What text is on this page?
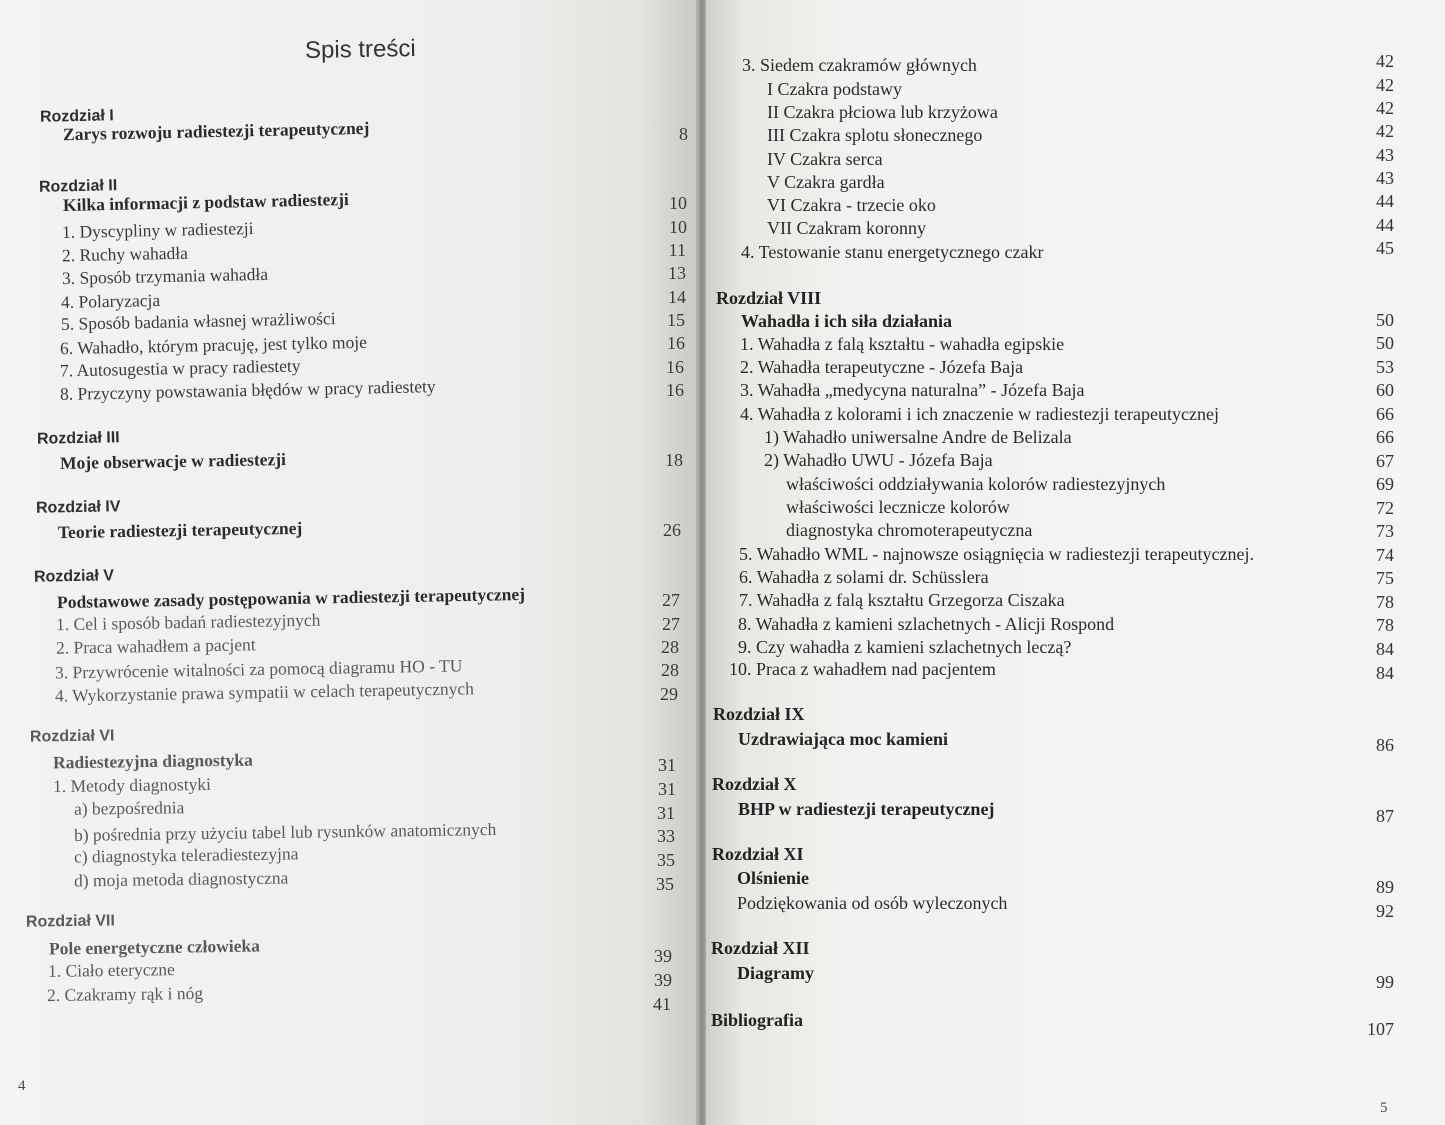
Spis treści
Rozdział I
Zarys rozwoju radiestezji terapeutycznej	8
Rozdział II
Kilka informacji z podstaw radiestezji	10
1. Dyscypliny w radiestezji	10
2. Ruchy wahadła	11
3. Sposób trzymania wahadła	13
4. Polaryzacja	14
5. Sposób badania własnej wrażliwości	15
6. Wahadło, którym pracuję, jest tylko moje	16
7. Autosugestia w pracy radiestety	16
8. Przyczyny powstawania błędów w pracy radiestety	16
Rozdział III
Moje obserwacje w radiestezji	18
Rozdział IV
Teorie radiestezji terapeutycznej	26
Rozdział V
Podstawowe zasady postępowania w radiestezji terapeutycznej	27
1. Cel i sposób badań radiestezyjnych	27
2. Praca wahadłem a pacjent	28
3. Przywrócenie witalności za pomocą diagramu HO - TU	28
4. Wykorzystanie prawa sympatii w celach terapeutycznych	29
Rozdział VI
Radiestezyjna diagnostyka	31
1. Metody diagnostyki	31
a) bezpośrednia	31
b) pośrednia przy użyciu tabel lub rysunków anatomicznych	33
c) diagnostyka teleradiestezyjna	35
d) moja metoda diagnostyczna	35
Rozdział VII
Pole energetyczne człowieka	39
1. Ciało eteryczne	39
2. Czakramy rąk i nóg	41
4
3. Siedem czakramów głównych	42
I Czakra podstawy	42
II Czakra płciowa lub krzyżowa	42
III Czakra splotu słonecznego	42
IV Czakra serca	43
V Czakra gardła	43
VI Czakra - trzecie oko	44
VII Czakram koronny	44
4. Testowanie stanu energetycznego czakr	45
Rozdział VIII
Wahadła i ich siła działania	50
1. Wahadła z falą kształtu - wahadła egipskie	50
2. Wahadła terapeutyczne - Józefa Baja	53
3. Wahadła „medycyna naturalna” - Józefa Baja	60
4. Wahadła z kolorami i ich znaczenie w radiestezji terapeutycznej	66
1) Wahadło uniwersalne Andre de Belizala	66
2) Wahadło UWU - Józefa Baja	67
właściwości oddziaływania kolorów radiestezyjnych	69
właściwości lecznicze kolorów	72
diagnostyka chromoterapeutyczna	73
5. Wahadło WML - najnowsze osiągnięcia w radiestezji terapeutycznej.	74
6. Wahadła z solami dr. Schüsslera	75
7. Wahadła z falą kształtu Grzegorza Ciszaka	78
8. Wahadła z kamieni szlachetnych - Alicji Rospond	78
9. Czy wahadła z kamieni szlachetnych leczą?	84
10. Praca z wahadłem nad pacjentem	84
Rozdział IX
Uzdrawiająca moc kamieni	86
Rozdział X
BHP w radiestezji terapeutycznej	87
Rozdział XI
Olśnienie	89
Podziękowania od osób wyleczonych	92
Rozdział XII
Diagramy	99
Bibliografia	107
5
